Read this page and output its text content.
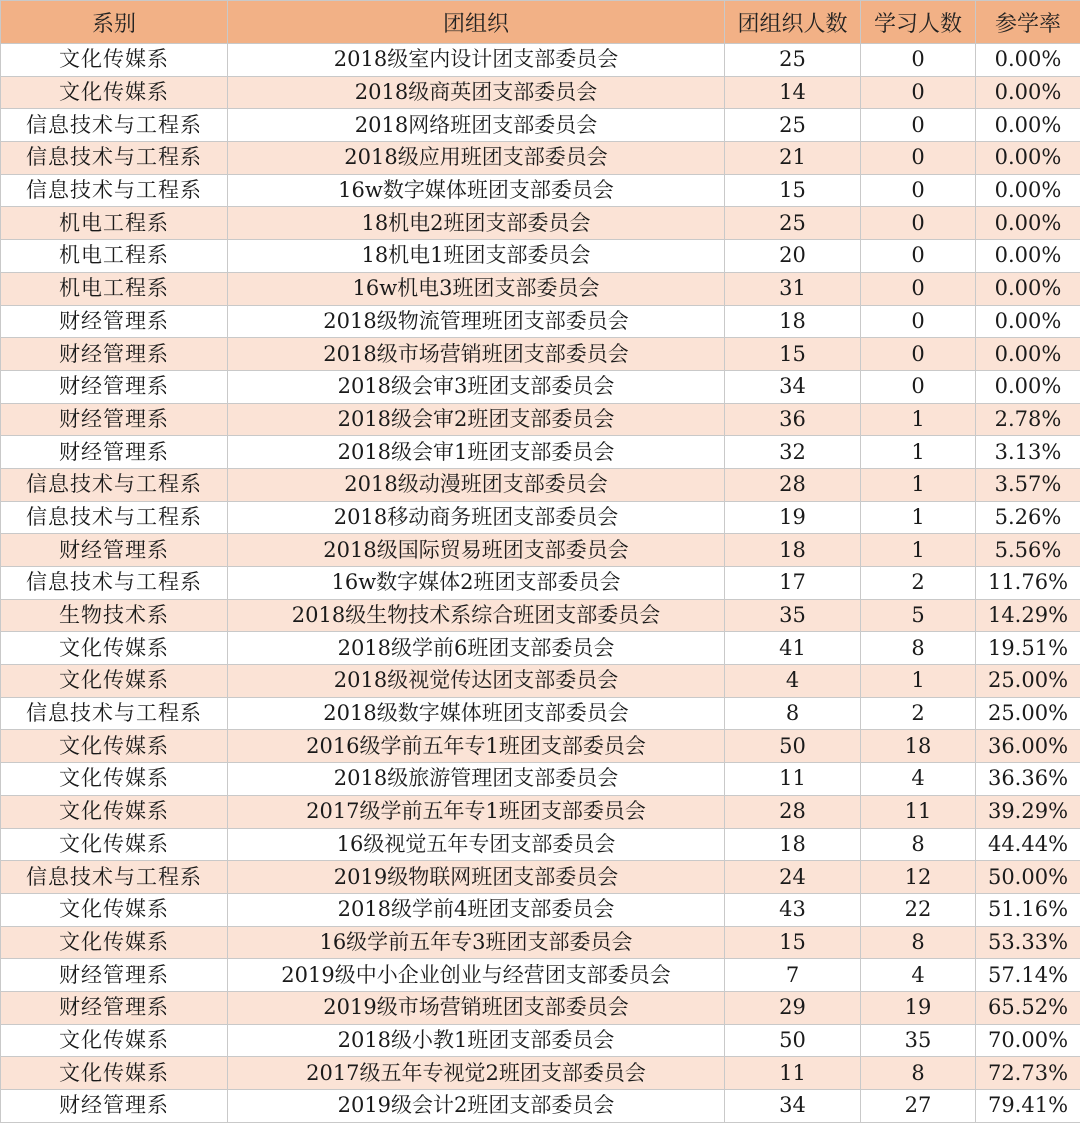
系别	团组织	团组织人数	学习人数	参学率
文化传媒系	2018级室内设计团支部委员会	25	0	0.00%
文化传媒系	2018级商英团支部委员会	14	0	0.00%
信息技术与工程系	2018网络班团支部委员会	25	0	0.00%
信息技术与工程系	2018级应用班团支部委员会	21	0	0.00%
信息技术与工程系	16w数字媒体班团支部委员会	15	0	0.00%
机电工程系	18机电2班团支部委员会	25	0	0.00%
机电工程系	18机电1班团支部委员会	20	0	0.00%
机电工程系	16w机电3班团支部委员会	31	0	0.00%
财经管理系	2018级物流管理班团支部委员会	18	0	0.00%
财经管理系	2018级市场营销班团支部委员会	15	0	0.00%
财经管理系	2018级会审3班团支部委员会	34	0	0.00%
财经管理系	2018级会审2班团支部委员会	36	1	2.78%
财经管理系	2018级会审1班团支部委员会	32	1	3.13%
信息技术与工程系	2018级动漫班团支部委员会	28	1	3.57%
信息技术与工程系	2018移动商务班团支部委员会	19	1	5.26%
财经管理系	2018级国际贸易班团支部委员会	18	1	5.56%
信息技术与工程系	16w数字媒体2班团支部委员会	17	2	11.76%
生物技术系	2018级生物技术系综合班团支部委员会	35	5	14.29%
文化传媒系	2018级学前6班团支部委员会	41	8	19.51%
文化传媒系	2018级视觉传达团支部委员会	4	1	25.00%
信息技术与工程系	2018级数字媒体班团支部委员会	8	2	25.00%
文化传媒系	2016级学前五年专1班团支部委员会	50	18	36.00%
文化传媒系	2018级旅游管理团支部委员会	11	4	36.36%
文化传媒系	2017级学前五年专1班团支部委员会	28	11	39.29%
文化传媒系	16级视觉五年专团支部委员会	18	8	44.44%
信息技术与工程系	2019级物联网班团支部委员会	24	12	50.00%
文化传媒系	2018级学前4班团支部委员会	43	22	51.16%
文化传媒系	16级学前五年专3班团支部委员会	15	8	53.33%
财经管理系	2019级中小企业创业与经营团支部委员会	7	4	57.14%
财经管理系	2019级市场营销班团支部委员会	29	19	65.52%
文化传媒系	2018级小教1班团支部委员会	50	35	70.00%
文化传媒系	2017级五年专视觉2班团支部委员会	11	8	72.73%
财经管理系	2019级会计2班团支部委员会	34	27	79.41%
